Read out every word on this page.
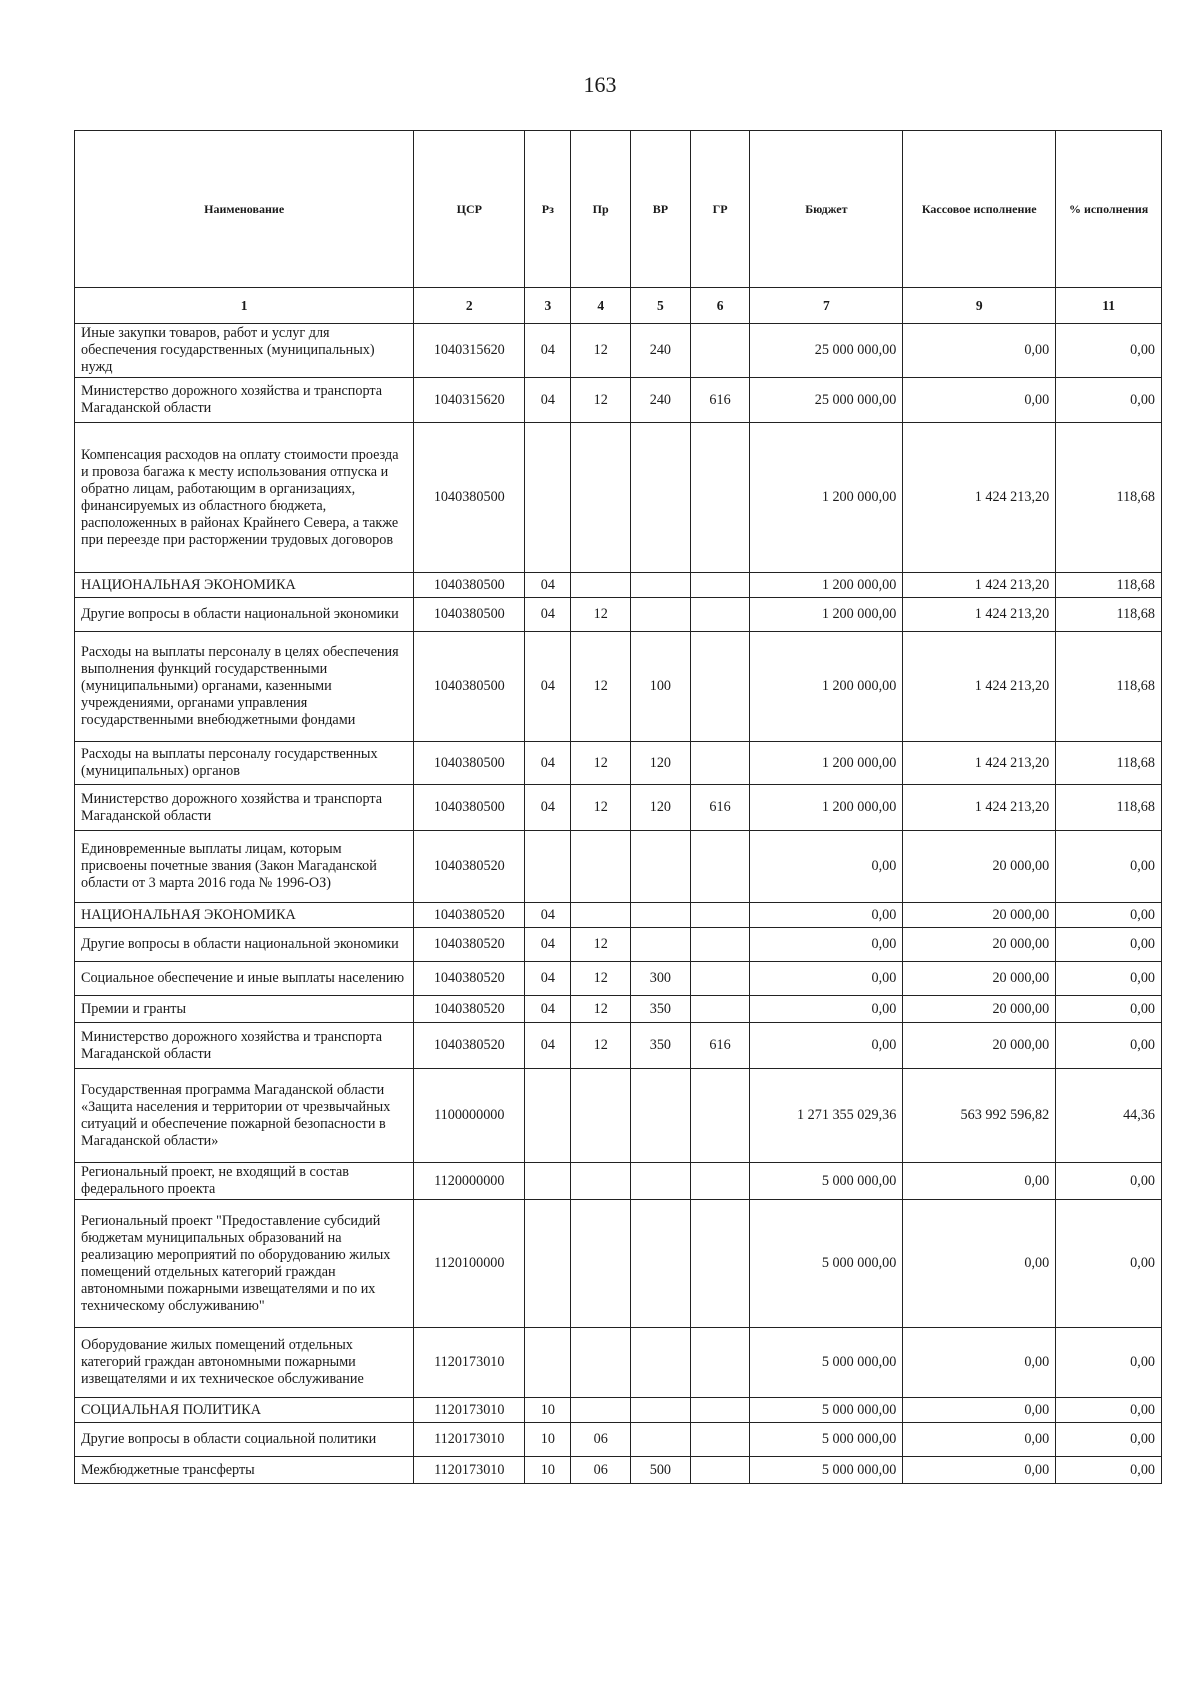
163
Наименование	ЦСР	Рз	Пр	ВР	ГР	Бюджет	Кассовое исполнение	% исполнения
1	2	3	4	5	6	7	9	11
Иные закупки товаров, работ и услуг для обеспечения государственных (муниципальных) нужд	1040315620	04	12	240		25 000 000,00	0,00	0,00
Министерство дорожного хозяйства и транспорта Магаданской области	1040315620	04	12	240	616	25 000 000,00	0,00	0,00
Компенсация расходов на оплату стоимости проезда и провоза багажа к месту использования отпуска и обратно лицам, работающим в организациях, финансируемых из областного бюджета, расположенных в районах Крайнего Севера, а также при переезде при расторжении трудовых договоров	1040380500					1 200 000,00	1 424 213,20	118,68
НАЦИОНАЛЬНАЯ ЭКОНОМИКА	1040380500	04				1 200 000,00	1 424 213,20	118,68
Другие вопросы в области национальной экономики	1040380500	04	12			1 200 000,00	1 424 213,20	118,68
Расходы на выплаты персоналу в целях обеспечения выполнения функций государственными (муниципальными) органами, казенными учреждениями, органами управления государственными внебюджетными фондами	1040380500	04	12	100		1 200 000,00	1 424 213,20	118,68
Расходы на выплаты персоналу государственных (муниципальных) органов	1040380500	04	12	120		1 200 000,00	1 424 213,20	118,68
Министерство дорожного хозяйства и транспорта Магаданской области	1040380500	04	12	120	616	1 200 000,00	1 424 213,20	118,68
Единовременные выплаты лицам, которым присвоены почетные звания (Закон Магаданской области от 3 марта 2016 года № 1996-ОЗ)	1040380520					0,00	20 000,00	0,00
НАЦИОНАЛЬНАЯ ЭКОНОМИКА	1040380520	04				0,00	20 000,00	0,00
Другие вопросы в области национальной экономики	1040380520	04	12			0,00	20 000,00	0,00
Социальное обеспечение и иные выплаты населению	1040380520	04	12	300		0,00	20 000,00	0,00
Премии и гранты	1040380520	04	12	350		0,00	20 000,00	0,00
Министерство дорожного хозяйства и транспорта Магаданской области	1040380520	04	12	350	616	0,00	20 000,00	0,00
Государственная программа Магаданской области «Защита населения и территории от чрезвычайных ситуаций и обеспечение пожарной безопасности в Магаданской области»	1100000000					1 271 355 029,36	563 992 596,82	44,36
Региональный проект, не входящий в состав федерального проекта	1120000000					5 000 000,00	0,00	0,00
Региональный проект "Предоставление субсидий бюджетам муниципальных образований на реализацию мероприятий по оборудованию жилых помещений отдельных категорий граждан автономными пожарными извещателями и по их техническому обслуживанию"	1120100000					5 000 000,00	0,00	0,00
Оборудование жилых помещений отдельных категорий граждан автономными пожарными извещателями и их техническое обслуживание	1120173010					5 000 000,00	0,00	0,00
СОЦИАЛЬНАЯ ПОЛИТИКА	1120173010	10				5 000 000,00	0,00	0,00
Другие вопросы в области социальной политики	1120173010	10	06			5 000 000,00	0,00	0,00
Межбюджетные трансферты	1120173010	10	06	500		5 000 000,00	0,00	0,00
